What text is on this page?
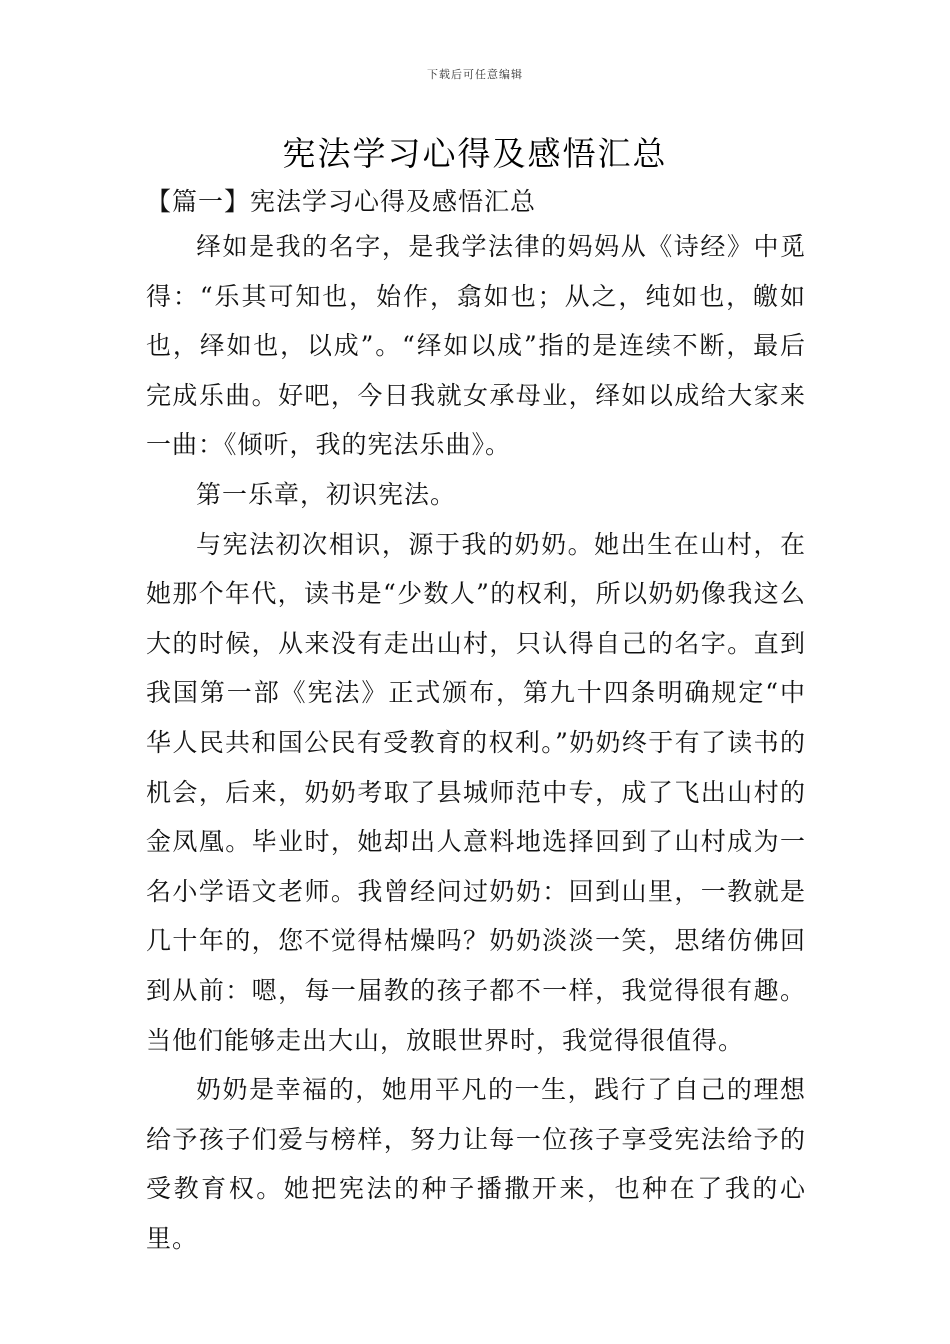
下载后可任意编辑
宪法学习心得及感悟汇总
【篇一】宪法学习心得及感悟汇总

绎如是我的名字，是我学法律的妈妈从《诗经》中觅得：“乐其可知也，始作，翕如也；从之，纯如也，皦如也，绎如也，以成”。“绎如以成”指的是连续不断，最后完成乐曲。好吧，今日我就女承母业，绎如以成给大家来一曲：《倾听，我的宪法乐曲》。

第一乐章，初识宪法。

与宪法初次相识，源于我的奶奶。她出生在山村，在她那个年代，读书是“少数人”的权利，所以奶奶像我这么大的时候，从来没有走出山村，只认得自己的名字。直到我国第一部《宪法》正式颁布，第九十四条明确规定“中华人民共和国公民有受教育的权利。”奶奶终于有了读书的机会，后来，奶奶考取了县城师范中专，成了飞出山村的金凤凰。毕业时，她却出人意料地选择回到了山村成为一名小学语文老师。我曾经问过奶奶：回到山里，一教就是几十年的，您不觉得枯燥吗？奶奶淡淡一笑，思绪仿佛回到从前：嗯，每一届教的孩子都不一样，我觉得很有趣。当他们能够走出大山，放眼世界时，我觉得很值得。

奶奶是幸福的，她用平凡的一生，践行了自己的理想给予孩子们爱与榜样，努力让每一位孩子享受宪法给予的受教育权。她把宪法的种子播撒开来，也种在了我的心里。
